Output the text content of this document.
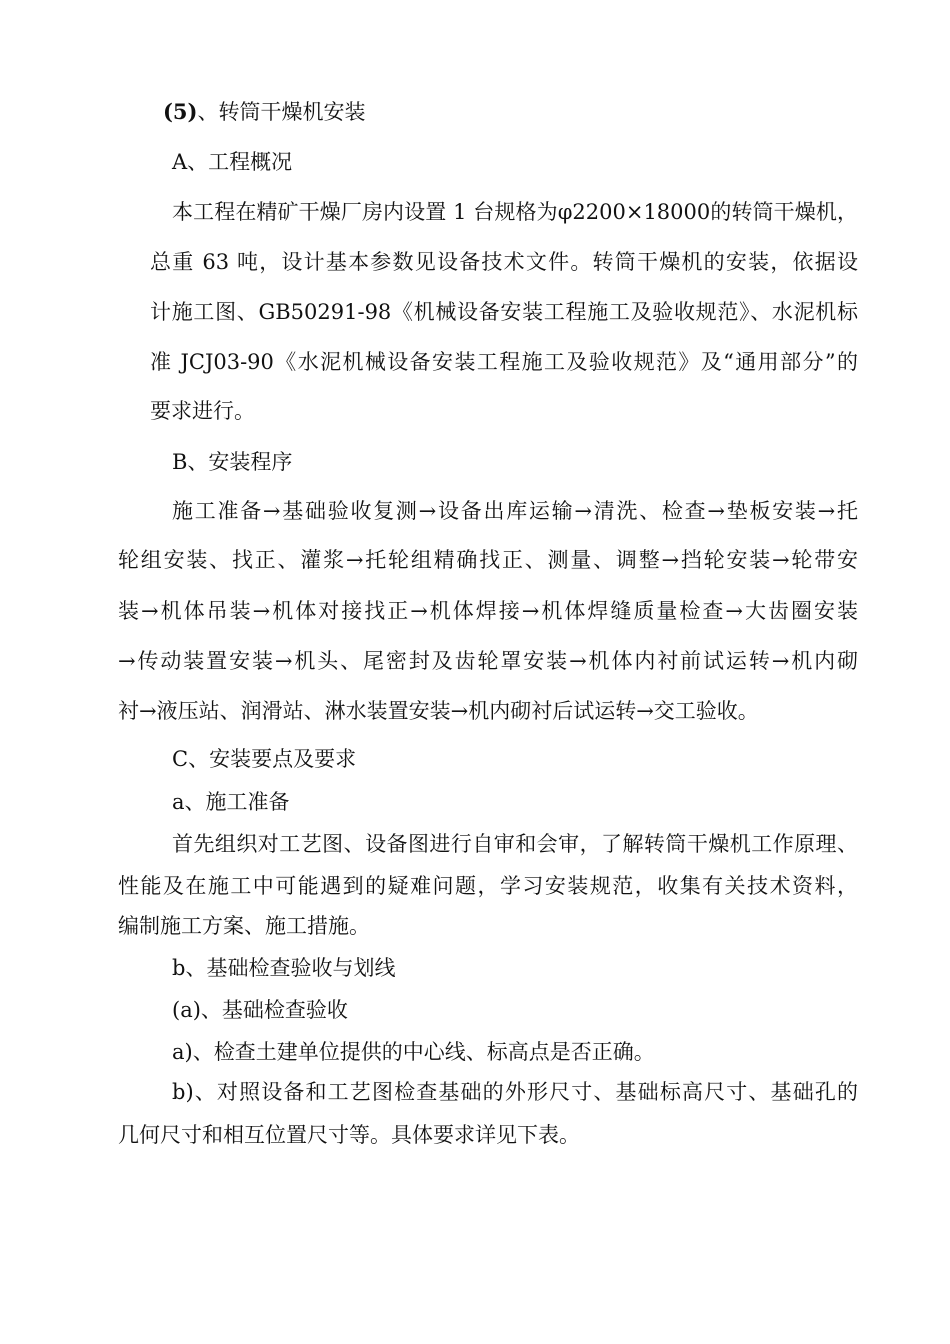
(5)、转筒干燥机安装

A、工程概况

本工程在精矿干燥厂房内设置 1 台规格为φ2200×18000的转筒干燥机，

总重 63 吨，设计基本参数见设备技术文件。转筒干燥机的安装，依据设

计施工图、GB50291-98《机械设备安装工程施工及验收规范》、水泥机标

准 JCJ03-90《水泥机械设备安装工程施工及验收规范》及“通用部分”的

要求进行。

B、安装程序

施工准备→基础验收复测→设备出库运输→清洗、检查→垫板安装→托

轮组安装、找正、灌浆→托轮组精确找正、测量、调整→挡轮安装→轮带安

装→机体吊装→机体对接找正→机体焊接→机体焊缝质量检查→大齿圈安装

→传动装置安装→机头、尾密封及齿轮罩安装→机体内衬前试运转→机内砌

衬→液压站、润滑站、淋水装置安装→机内砌衬后试运转→交工验收。

C、安装要点及要求

a、施工准备

首先组织对工艺图、设备图进行自审和会审，了解转筒干燥机工作原理、

性能及在施工中可能遇到的疑难问题，学习安装规范，收集有关技术资料，

编制施工方案、施工措施。

b、基础检查验收与划线

(a)、基础检查验收

a)、检查土建单位提供的中心线、标高点是否正确。

b)、对照设备和工艺图检查基础的外形尺寸、基础标高尺寸、基础孔的

几何尺寸和相互位置尺寸等。具体要求详见下表。
